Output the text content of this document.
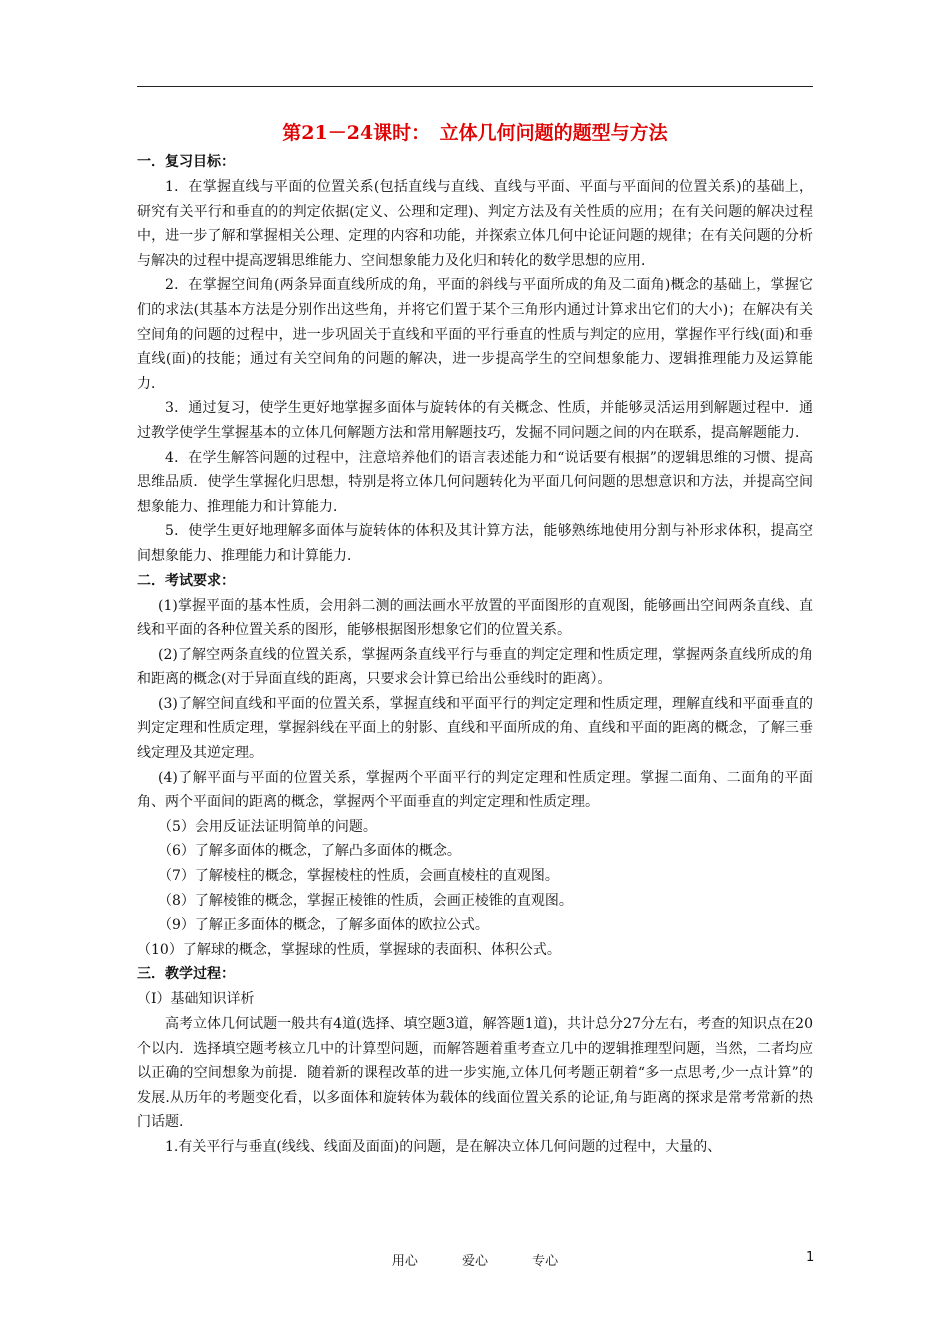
第21－24课时：　立体几何问题的题型与方法
一．复习目标：

1．在掌握直线与平面的位置关系(包括直线与直线、直线与平面、平面与平面间的位置关系)的基础上，研究有关平行和垂直的的判定依据(定义、公理和定理)、判定方法及有关性质的应用；在有关问题的解决过程中，进一步了解和掌握相关公理、定理的内容和功能，并探索立体几何中论证问题的规律；在有关问题的分析与解决的过程中提高逻辑思维能力、空间想象能力及化归和转化的数学思想的应用．

2．在掌握空间角(两条异面直线所成的角，平面的斜线与平面所成的角及二面角)概念的基础上，掌握它们的求法(其基本方法是分别作出这些角，并将它们置于某个三角形内通过计算求出它们的大小)；在解决有关空间角的问题的过程中，进一步巩固关于直线和平面的平行垂直的性质与判定的应用，掌握作平行线(面)和垂直线(面)的技能；通过有关空间角的问题的解决，进一步提高学生的空间想象能力、逻辑推理能力及运算能力．

3．通过复习，使学生更好地掌握多面体与旋转体的有关概念、性质，并能够灵活运用到解题过程中．通过教学使学生掌握基本的立体几何解题方法和常用解题技巧，发掘不同问题之间的内在联系，提高解题能力．

4．在学生解答问题的过程中，注意培养他们的语言表述能力和“说话要有根据”的逻辑思维的习惯、提高思维品质．使学生掌握化归思想，特别是将立体几何问题转化为平面几何问题的思想意识和方法，并提高空间想象能力、推理能力和计算能力．

5．使学生更好地理解多面体与旋转体的体积及其计算方法，能够熟练地使用分割与补形求体积，提高空间想象能力、推理能力和计算能力．

二．考试要求：

(1)掌握平面的基本性质，会用斜二测的画法画水平放置的平面图形的直观图，能够画出空间两条直线、直线和平面的各种位置关系的图形，能够根据图形想象它们的位置关系。

(2)了解空两条直线的位置关系，掌握两条直线平行与垂直的判定定理和性质定理，掌握两条直线所成的角和距离的概念(对于异面直线的距离，只要求会计算已给出公垂线时的距离）。

(3)了解空间直线和平面的位置关系，掌握直线和平面平行的判定定理和性质定理，理解直线和平面垂直的判定定理和性质定理，掌握斜线在平面上的射影、直线和平面所成的角、直线和平面的距离的概念，了解三垂线定理及其逆定理。

(4)了解平面与平面的位置关系，掌握两个平面平行的判定定理和性质定理。掌握二面角、二面角的平面角、两个平面间的距离的概念，掌握两个平面垂直的判定定理和性质定理。

（5）会用反证法证明简单的问题。

（6）了解多面体的概念，了解凸多面体的概念。

（7）了解棱柱的概念，掌握棱柱的性质，会画直棱柱的直观图。

（8）了解棱锥的概念，掌握正棱锥的性质，会画正棱锥的直观图。

（9）了解正多面体的概念，了解多面体的欧拉公式。

（10）了解球的概念，掌握球的性质，掌握球的表面积、体积公式。

三．教学过程：

（Ⅰ）基础知识详析

高考立体几何试题一般共有4道(选择、填空题3道，解答题1道)，共计总分27分左右，考查的知识点在20个以内．选择填空题考核立几中的计算型问题，而解答题着重考查立几中的逻辑推理型问题，当然，二者均应以正确的空间想象为前提．随着新的课程改革的进一步实施,立体几何考题正朝着“多一点思考,少一点计算”的发展.从历年的考题变化看，以多面体和旋转体为载体的线面位置关系的论证,角与距离的探求是常考常新的热门话题.

1.有关平行与垂直(线线、线面及面面)的问题，是在解决立体几何问题的过程中，大量的、

用心	爱心	专心	1
